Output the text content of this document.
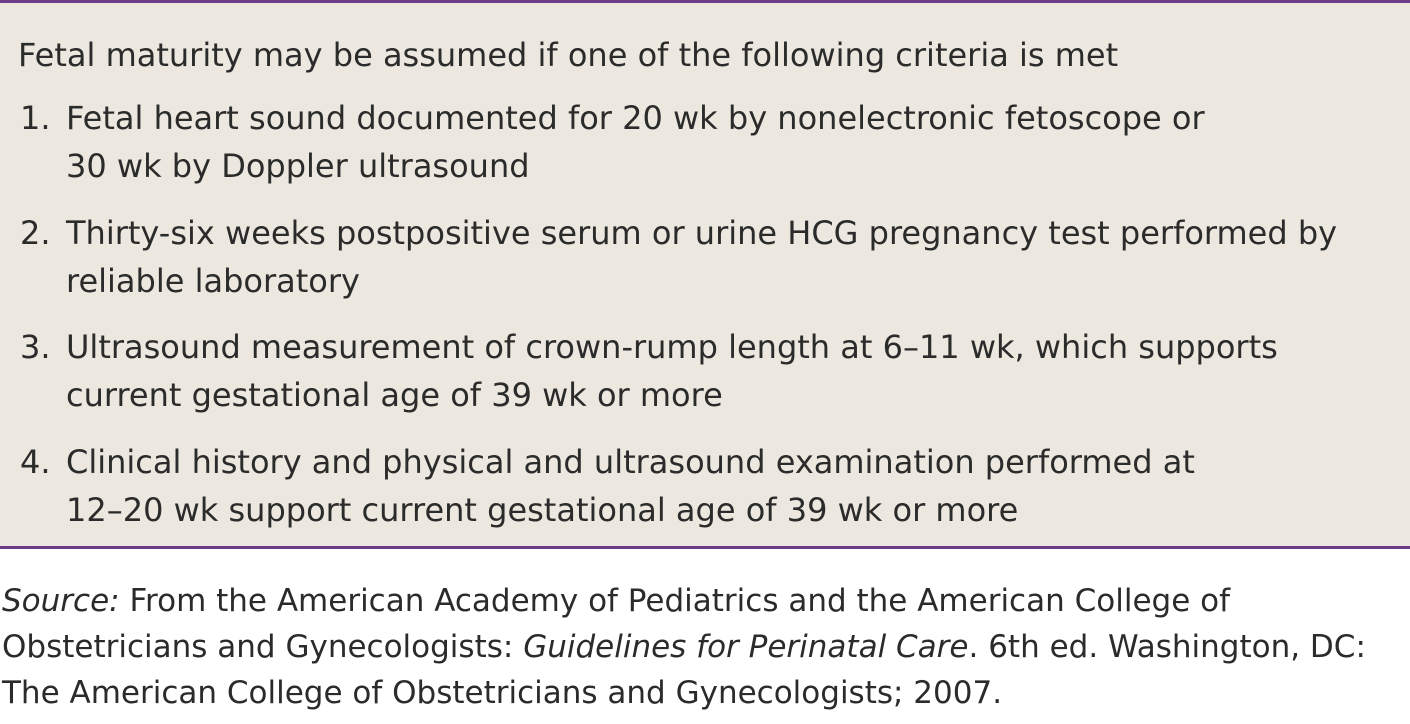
Fetal maturity may be assumed if one of the following criteria is met
1. Fetal heart sound documented for 20 wk by nonelectronic fetoscope or
30 wk by Doppler ultrasound
2. Thirty-six weeks postpositive serum or urine HCG pregnancy test performed by
reliable laboratory
3. Ultrasound measurement of crown-rump length at 6–11 wk, which supports
current gestational age of 39 wk or more
4. Clinical history and physical and ultrasound examination performed at
12–20 wk support current gestational age of 39 wk or more
Source: From the American Academy of Pediatrics and the American College of
Obstetricians and Gynecologists: Guidelines for Perinatal Care. 6th ed. Washington, DC:
The American College of Obstetricians and Gynecologists; 2007.
